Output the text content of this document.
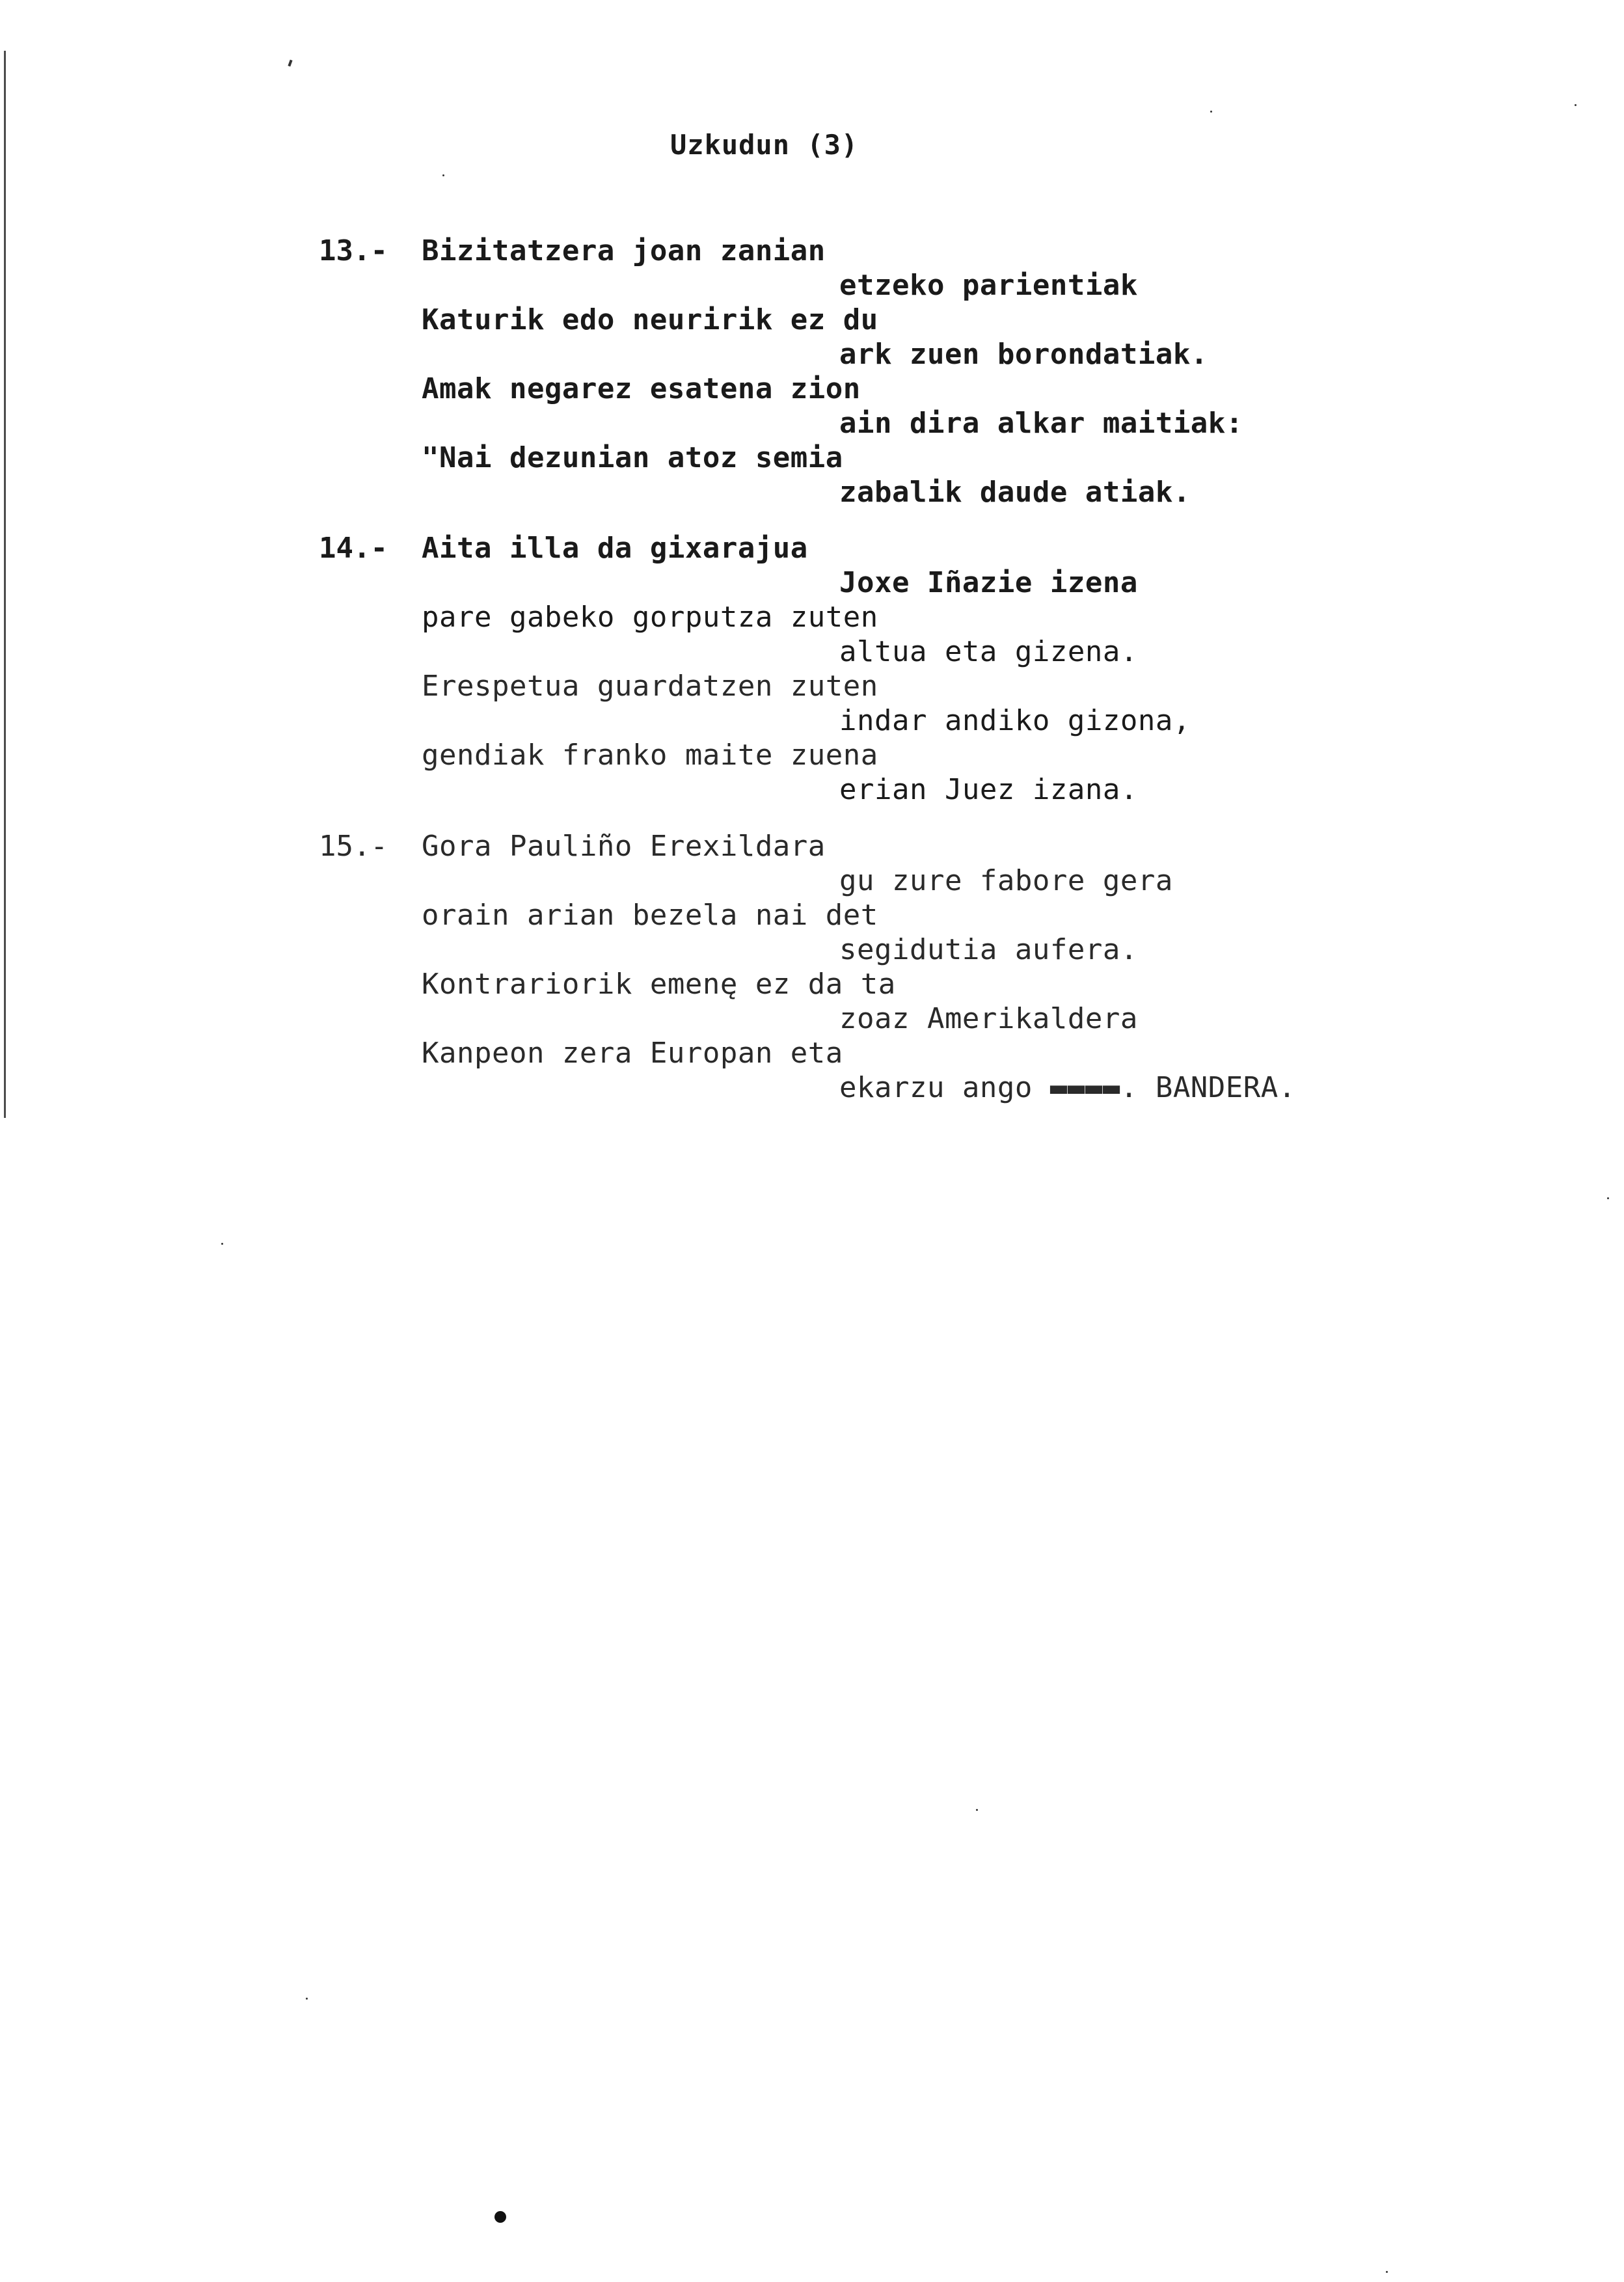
Uzkudun (3)
13.- Bizitatzera joan zanian
etzeko parientiak
Katurik edo neuririk ez du
ark zuen borondatiak.
Amak negarez esatena zion
ain dira alkar maitiak:
"Nai dezunian atoz semia
zabalik daude atiak.
14.- Aita illa da gixarajua
Joxe Iñazie izena
pare gabeko gorputza zuten
altua eta gizena.
Erespetua guardatzen zuten
indar andiko gizona,
gendiak franko maite zuena
erian Juez izana.
15.- Gora Pauliño Erexildara
gu zure fabore gera
orain arian bezela nai det
segidutia aufera.
Kontrariorik emenę ez da ta
zoaz Amerikaldera
Kanpeon zera Europan eta
ekarzu ango ▬▬▬▬. BANDERA.
